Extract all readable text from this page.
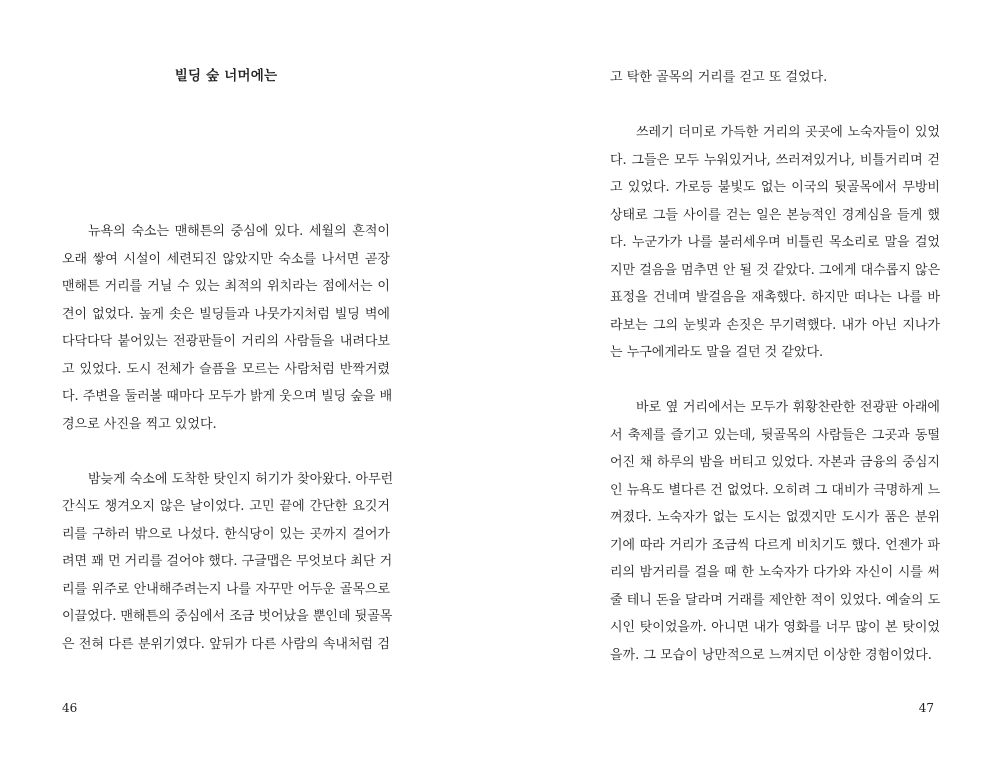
빌딩 숲 너머에는
뉴욕의 숙소는 맨해튼의 중심에 있다. 세월의 흔적이
오래 쌓여 시설이 세련되진 않았지만 숙소를 나서면 곧장
맨해튼 거리를 거닐 수 있는 최적의 위치라는 점에서는 이
견이 없었다. 높게 솟은 빌딩들과 나뭇가지처럼 빌딩 벽에
다닥다닥 붙어있는 전광판들이 거리의 사람들을 내려다보
고 있었다. 도시 전체가 슬픔을 모르는 사람처럼 반짝거렸
다. 주변을 둘러볼 때마다 모두가 밝게 웃으며 빌딩 숲을 배
경으로 사진을 찍고 있었다.
밤늦게 숙소에 도착한 탓인지 허기가 찾아왔다. 아무런
간식도 챙겨오지 않은 날이었다. 고민 끝에 간단한 요깃거
리를 구하러 밖으로 나섰다. 한식당이 있는 곳까지 걸어가
려면 꽤 먼 거리를 걸어야 했다. 구글맵은 무엇보다 최단 거
리를 위주로 안내해주려는지 나를 자꾸만 어두운 골목으로
이끌었다. 맨해튼의 중심에서 조금 벗어났을 뿐인데 뒷골목
은 전혀 다른 분위기였다. 앞뒤가 다른 사람의 속내처럼 검
46
고 탁한 골목의 거리를 걷고 또 걸었다.
쓰레기 더미로 가득한 거리의 곳곳에 노숙자들이 있었
다. 그들은 모두 누워있거나, 쓰러져있거나, 비틀거리며 걷
고 있었다. 가로등 불빛도 없는 이국의 뒷골목에서 무방비
상태로 그들 사이를 걷는 일은 본능적인 경계심을 들게 했
다. 누군가가 나를 불러세우며 비틀린 목소리로 말을 걸었
지만 걸음을 멈추면 안 될 것 같았다. 그에게 대수롭지 않은
표정을 건네며 발걸음을 재촉했다. 하지만 떠나는 나를 바
라보는 그의 눈빛과 손짓은 무기력했다. 내가 아닌 지나가
는 누구에게라도 말을 걸던 것 같았다.
바로 옆 거리에서는 모두가 휘황찬란한 전광판 아래에
서 축제를 즐기고 있는데, 뒷골목의 사람들은 그곳과 동떨
어진 채 하루의 밤을 버티고 있었다. 자본과 금융의 중심지
인 뉴욕도 별다른 건 없었다. 오히려 그 대비가 극명하게 느
껴졌다. 노숙자가 없는 도시는 없겠지만 도시가 품은 분위
기에 따라 거리가 조금씩 다르게 비치기도 했다. 언젠가 파
리의 밤거리를 걸을 때 한 노숙자가 다가와 자신이 시를 써
줄 테니 돈을 달라며 거래를 제안한 적이 있었다. 예술의 도
시인 탓이었을까. 아니면 내가 영화를 너무 많이 본 탓이었
을까. 그 모습이 낭만적으로 느껴지던 이상한 경험이었다.
47
